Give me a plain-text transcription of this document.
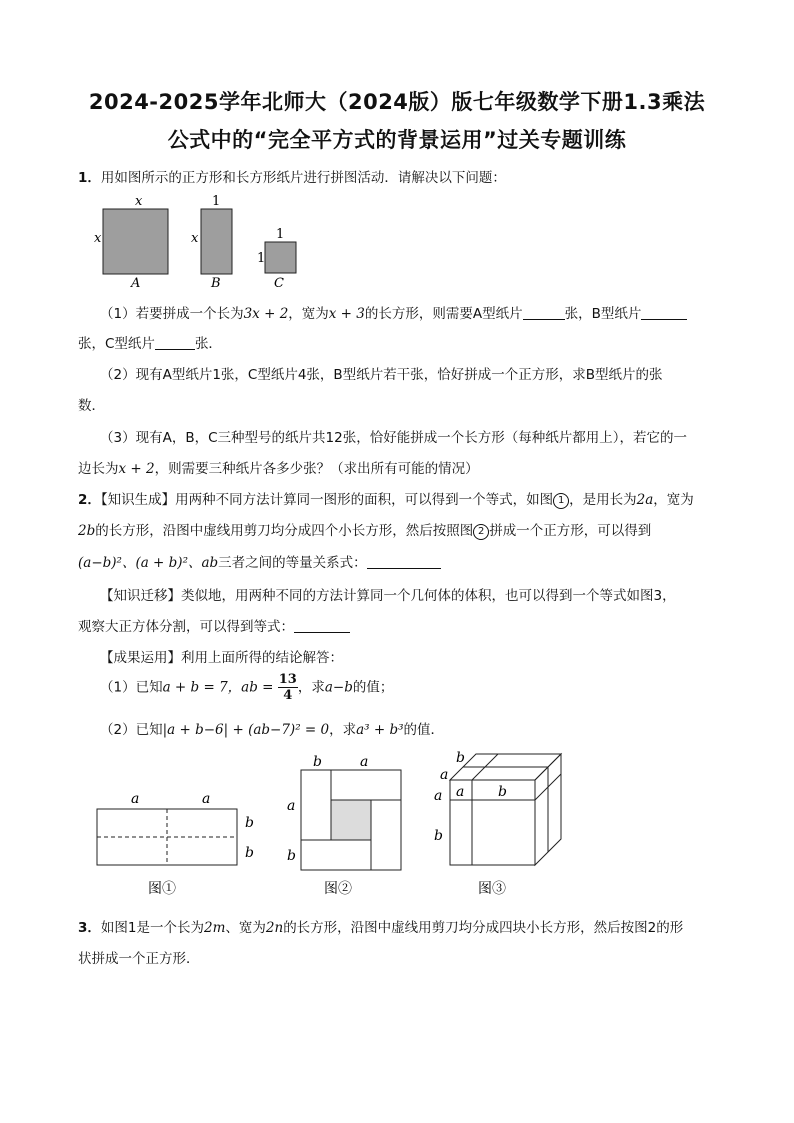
2024-2025学年北师大（2024版）版七年级数学下册1.3乘法
公式中的“完全平方式的背景运用”过关专题训练
1．用如图所示的正方形和长方形纸片进行拼图活动．请解决以下问题：
x
x
A
1
x
B
1
1
C
（1）若要拼成一个长为3x + 2，宽为x + 3的长方形，则需要A型纸片	张，B型纸片
张，C型纸片	张．
（2）现有A型纸片1张，C型纸片4张，B型纸片若干张，恰好拼成一个正方形，求B型纸片的张
数．
（3）现有A，B，C三种型号的纸片共12张，恰好能拼成一个长方形（每种纸片都用上），若它的一
边长为x + 2，则需要三种纸片各多少张？（求出所有可能的情况）
2．【知识生成】用两种不同方法计算同一图形的面积，可以得到一个等式，如图 1 ，是用长为2a，宽为
2b的长方形，沿图中虚线用剪刀均分成四个小长方形，然后按照图 2 拼成一个正方形，可以得到
(a−b)²、(a + b)²、ab三者之间的等量关系式：
【知识迁移】类似地，用两种不同的方法计算同一个几何体的体积，也可以得到一个等式如图3，
观察大正方体分割，可以得到等式：
【成果运用】利用上面所得的结论解答：
（1）已知a + b = 7，ab = $\frac{13}{4}$ ，求a−b的值；
（2）已知|a + b−6| + (ab−7)² = 0，求a³ + b³的值．
a	a
b
b
图①
b	a
a
b
图②
b
a
a b
a
b
图③
3．如图1是一个长为2m、宽为2n的长方形，沿图中虚线用剪刀均分成四块小长方形，然后按图2的形
状拼成一个正方形．
